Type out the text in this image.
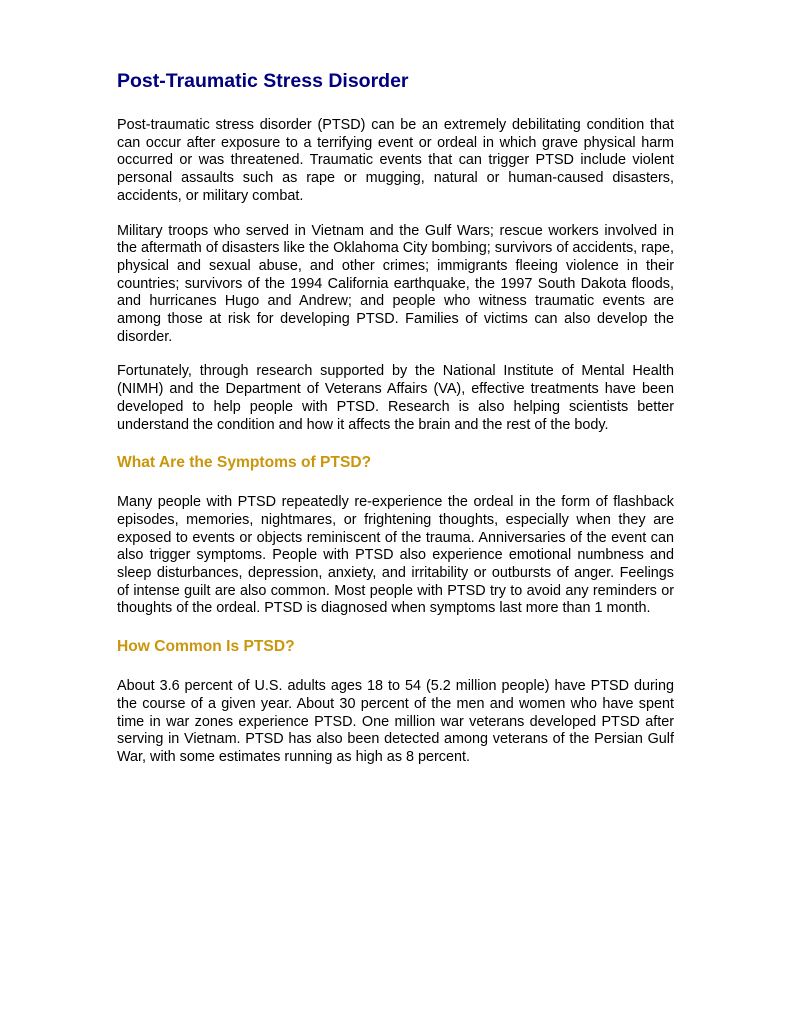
Post-Traumatic Stress Disorder

Post-traumatic stress disorder (PTSD) can be an extremely debilitating condition that can occur after exposure to a terrifying event or ordeal in which grave physical harm occurred or was threatened. Traumatic events that can trigger PTSD include violent personal assaults such as rape or mugging, natural or human-caused disasters, accidents, or military combat.

Military troops who served in Vietnam and the Gulf Wars; rescue workers involved in the aftermath of disasters like the Oklahoma City bombing; survivors of accidents, rape, physical and sexual abuse, and other crimes; immigrants fleeing violence in their countries; survivors of the 1994 California earthquake, the 1997 South Dakota floods, and hurricanes Hugo and Andrew; and people who witness traumatic events are among those at risk for developing PTSD. Families of victims can also develop the disorder.

Fortunately, through research supported by the National Institute of Mental Health (NIMH) and the Department of Veterans Affairs (VA), effective treatments have been developed to help people with PTSD. Research is also helping scientists better understand the condition and how it affects the brain and the rest of the body.

What Are the Symptoms of PTSD?

Many people with PTSD repeatedly re-experience the ordeal in the form of flashback episodes, memories, nightmares, or frightening thoughts, especially when they are exposed to events or objects reminiscent of the trauma. Anniversaries of the event can also trigger symptoms. People with PTSD also experience emotional numbness and sleep disturbances, depression, anxiety, and irritability or outbursts of anger. Feelings of intense guilt are also common. Most people with PTSD try to avoid any reminders or thoughts of the ordeal. PTSD is diagnosed when symptoms last more than 1 month.

How Common Is PTSD?

About 3.6 percent of U.S. adults ages 18 to 54 (5.2 million people) have PTSD during the course of a given year. About 30 percent of the men and women who have spent time in war zones experience PTSD. One million war veterans developed PTSD after serving in Vietnam. PTSD has also been detected among veterans of the Persian Gulf War, with some estimates running as high as 8 percent.
